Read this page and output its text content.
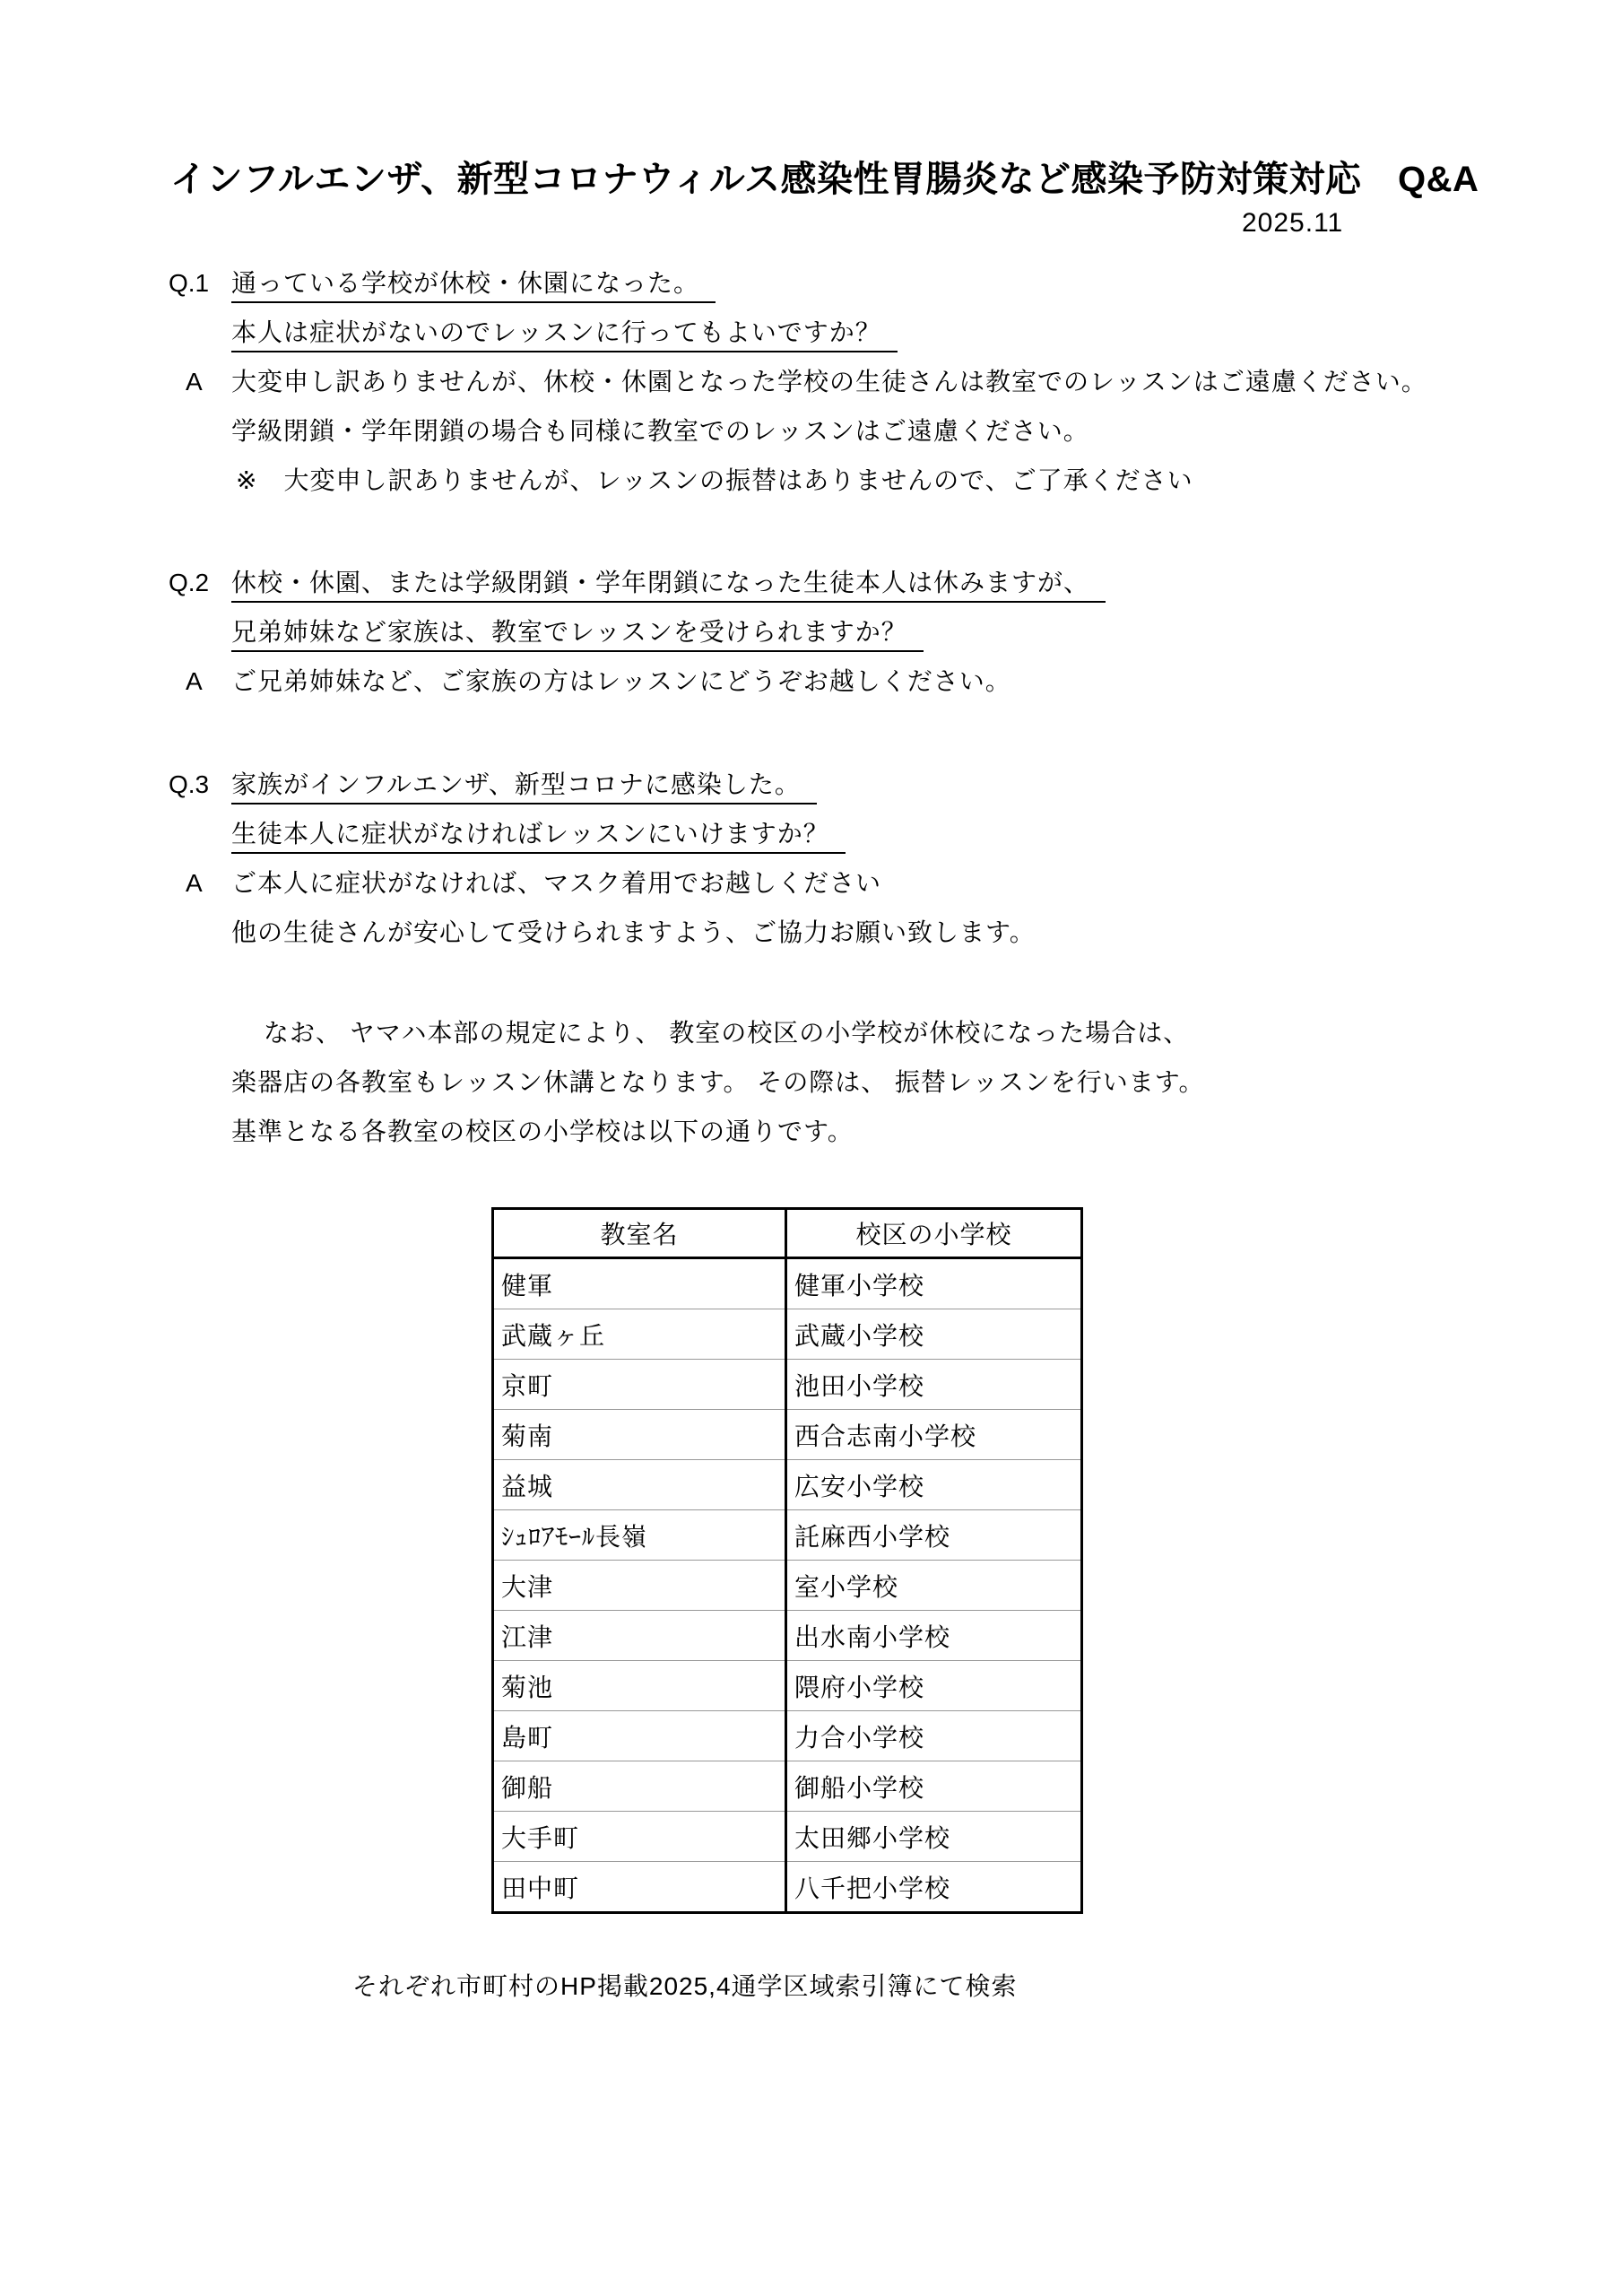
インフルエンザ、新型コロナウィルス感染性胃腸炎など感染予防対策対応　Q&A
2025.11
Q.1 通っている学校が休校・休園になった。
本人は症状がないのでレッスンに行ってもよいですか？
A 大変申し訳ありませんが、休校・休園となった学校の生徒さんは教室でのレッスンはご遠慮ください。
学級閉鎖・学年閉鎖の場合も同様に教室でのレッスンはご遠慮ください。
※　大変申し訳ありませんが、レッスンの振替はありませんので、ご了承ください
Q.2 休校・休園、または学級閉鎖・学年閉鎖になった生徒本人は休みますが、
兄弟姉妹など家族は、教室でレッスンを受けられますか？
A ご兄弟姉妹など、ご家族の方はレッスンにどうぞお越しください。
Q.3 家族がインフルエンザ、新型コロナに感染した。
生徒本人に症状がなければレッスンにいけますか？
A ご本人に症状がなければ、マスク着用でお越しください
他の生徒さんが安心して受けられますよう、ご協力お願い致します。
なお、 ヤマハ本部の規定により、 教室の校区の小学校が休校になった場合は、
楽器店の各教室もレッスン休講となります。 その際は、 振替レッスンを行います。
基準となる各教室の校区の小学校は以下の通りです。
教室名	校区の小学校
健軍	健軍小学校
武蔵ヶ丘	武蔵小学校
京町	池田小学校
菊南	西合志南小学校
益城	広安小学校
ｼｭﾛｱﾓｰﾙ長嶺	託麻西小学校
大津	室小学校
江津	出水南小学校
菊池	隈府小学校
島町	力合小学校
御船	御船小学校
大手町	太田郷小学校
田中町	八千把小学校
それぞれ市町村のHP掲載2025,4通学区域索引簿にて検索
